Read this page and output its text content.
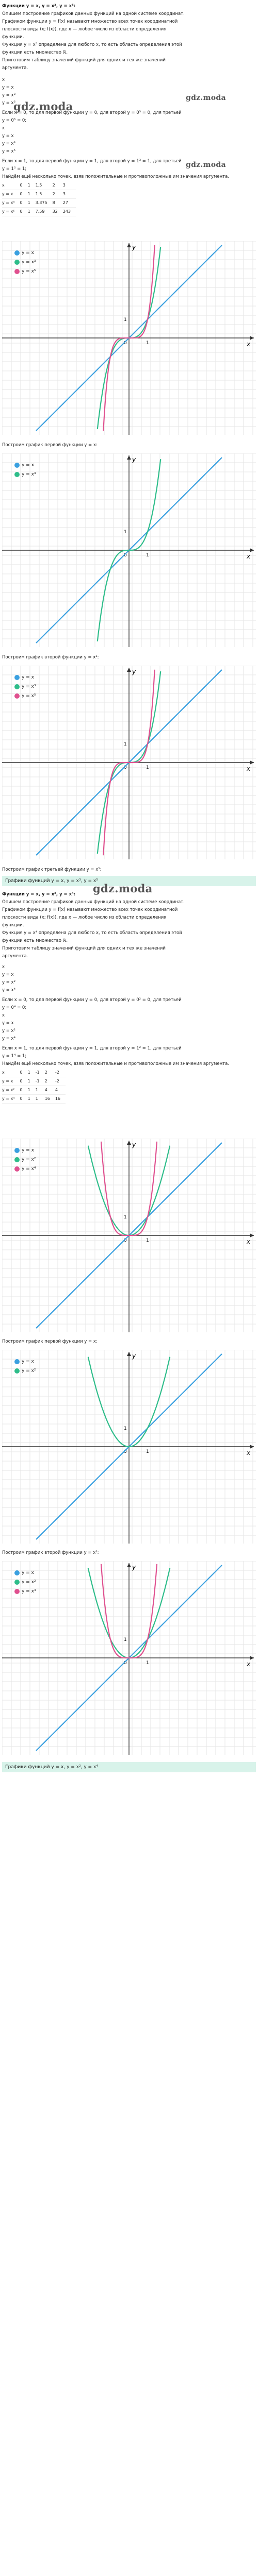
Функции y = x, y = x³, y = x⁵:
Опишем построение графиков данных функций на одной системе координат.
Графиком функции y = f(x) называют множество всех точек координатной
плоскости вида (x; f(x)), где x — любое число из области определения
функции.
Функция y = x⁵ определена для любого x, то есть область определения этой
функции есть множество ℝ.
Приготовим таблицу значений функций для одних и тех же значений
аргумента.
x
y = x
y = x³
y = x⁵
Если x = 0, то для первой функции y = 0, для второй y = 0³ = 0, для третьей
y = 0⁵ = 0;
x
y = x
y = x³
y = x⁵
Если x = 1, то для первой функции y = 1, для второй y = 1³ = 1, для третьей
y = 1⁵ = 1;
Найдём ещё несколько точек, взяв положительные и противоположные им значения аргумента.
x	0	1	1.5	2	3
y = x	0	1	1.5	2	3
y = x³	0	1	3.375	8	27
y = x⁵	0	1	7.59	32	243
gdz.moda
gdz.moda
gdz.moda
x
y
0	1
1
y = x
y = x³
y = x⁵
Построим график первой функции y = x:
x
y
0	1
1
y = x
y = x³
Построим график второй функции y = x³:
x
y
0	1
1
y = x
y = x³
y = x⁵
Построим график третьей функции y = x⁵:
Графики функций y = x, y = x³, y = x⁵
Функции y = x, y = x², y = x⁴:
Опишем построение графиков данных функций на одной системе координат.
Графиком функции y = f(x) называют множество всех точек координатной
плоскости вида (x; f(x)), где x — любое число из области определения
функции.
Функция y = x⁴ определена для любого x, то есть область определения этой
функции есть множество ℝ.
Приготовим таблицу значений функций для одних и тех же значений
аргумента.
x
y = x
y = x²
y = x⁴
Если x = 0, то для первой функции y = 0, для второй y = 0² = 0, для третьей
y = 0⁴ = 0;
x
y = x
y = x²
y = x⁴
Если x = 1, то для первой функции y = 1, для второй y = 1² = 1, для третьей
y = 1⁴ = 1;
Найдём ещё несколько точек, взяв положительные и противоположные им значения аргумента.
x	0	1	-1	2	-2
y = x	0	1	-1	2	-2
y = x²	0	1	1	4	4
y = x⁴	0	1	1	16	16
gdz.moda
x
y
0	1
1
y = x
y = x²
y = x⁴
Построим график первой функции y = x:
x
y
0	1
1
y = x
y = x²
Построим график второй функции y = x²:
x
y
0	1
1
y = x
y = x²
y = x⁴
Графики функций y = x, y = x², y = x⁴
